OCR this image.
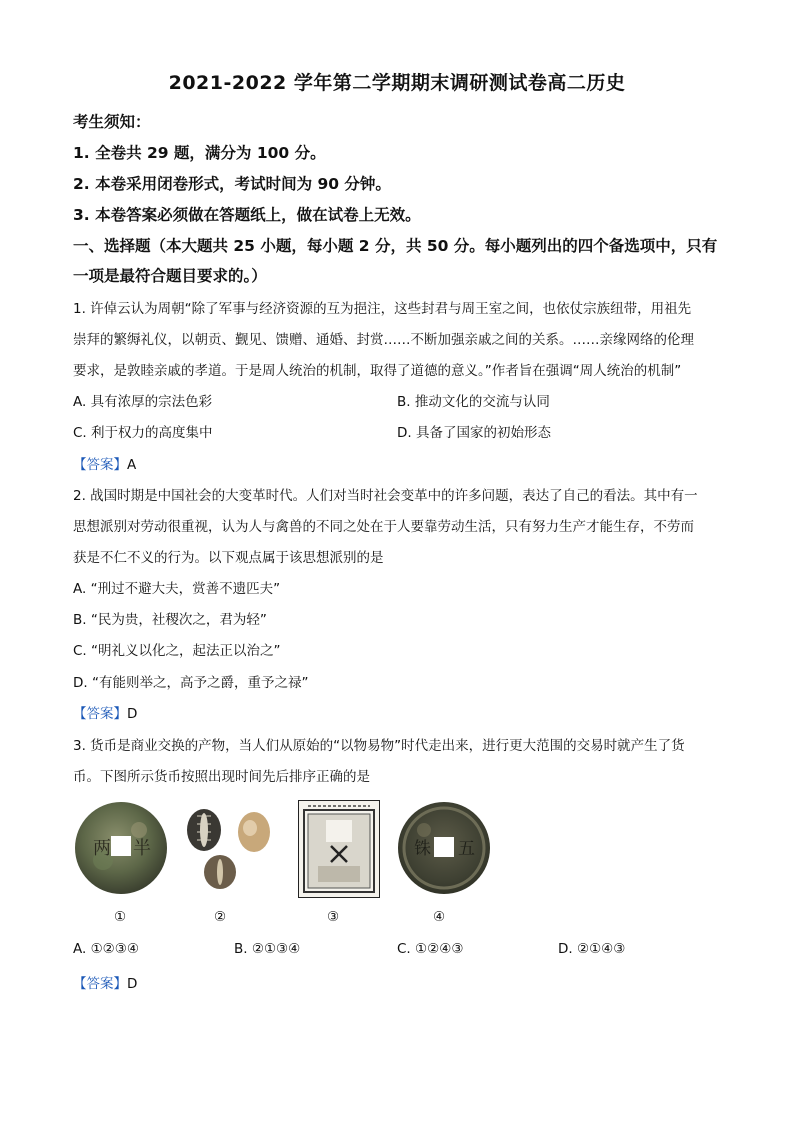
2021-2022 学年第二学期期末调研测试卷高二历史
考生须知：
1. 全卷共 29 题，满分为 100 分。
2. 本卷采用闭卷形式，考试时间为 90 分钟。
3. 本卷答案必须做在答题纸上，做在试卷上无效。
一、选择题（本大题共 25 小题，每小题 2 分，共 50 分。每小题列出的四个备选项中，只有
一项是最符合题目要求的。）
1. 许倬云认为周朝“除了军事与经济资源的互为挹注，这些封君与周王室之间，也依仗宗族纽带，用祖先
崇拜的繁缛礼仪，以朝贡、觐见、馈赠、通婚、封赏……不断加强亲戚之间的关系。……亲缘网络的伦理
要求，是敦睦亲戚的孝道。于是周人统治的机制，取得了道德的意义。”作者旨在强调“周人统治的机制”
A. 具有浓厚的宗法色彩	B. 推动文化的交流与认同
C. 利于权力的高度集中	D. 具备了国家的初始形态
【答案】A
2. 战国时期是中国社会的大变革时代。人们对当时社会变革中的许多问题，表达了自己的看法。其中有一
思想派别对劳动很重视，认为人与禽兽的不同之处在于人要靠劳动生活，只有努力生产才能生存，不劳而
获是不仁不义的行为。以下观点属于该思想派别的是
A. “刑过不避大夫，赏善不遗匹夫”
B. “民为贵，社稷次之，君为轻”
C. “明礼义以化之，起法正以治之”
D. “有能则举之，高予之爵，重予之禄”
【答案】D
3. 货币是商业交换的产物，当人们从原始的“以物易物”时代走出来，进行更大范围的交易时就产生了货
币。下图所示货币按照出现时间先后排序正确的是
两 半	铢 五
①	②	③	④
A. ①②③④	B. ②①③④	C. ①②④③	D. ②①④③
【答案】D
